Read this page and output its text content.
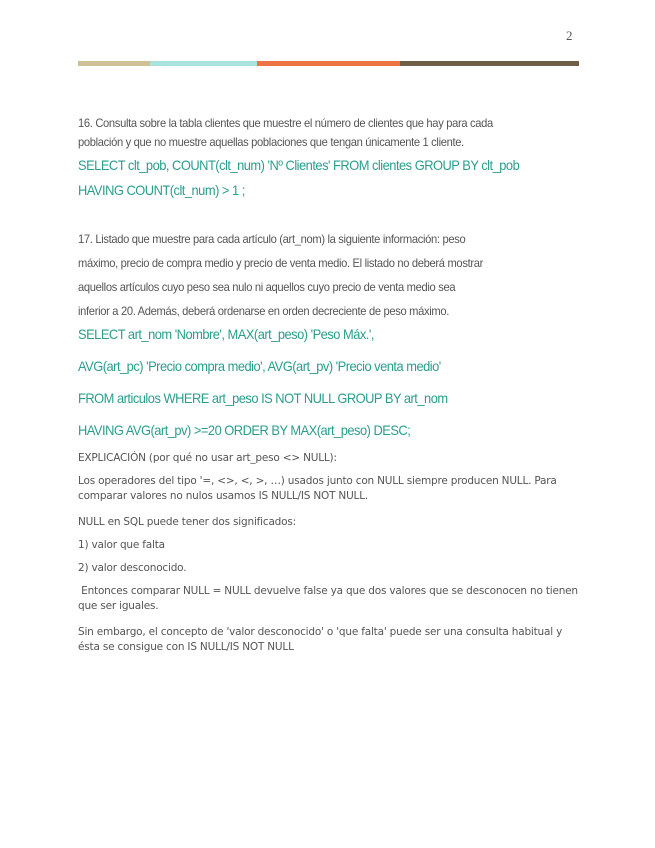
2
16. Consulta sobre la tabla clientes que muestre el número de clientes que hay para cada
población y que no muestre aquellas poblaciones que tengan únicamente 1 cliente.
SELECT clt_pob, COUNT(clt_num) 'Nº Clientes' FROM clientes GROUP BY clt_pob
HAVING COUNT(clt_num) > 1 ;
17. Listado que muestre para cada artículo (art_nom) la siguiente información: peso
máximo, precio de compra medio y precio de venta medio. El listado no deberá mostrar
aquellos artículos cuyo peso sea nulo ni aquellos cuyo precio de venta medio sea
inferior a 20. Además, deberá ordenarse en orden decreciente de peso máximo.
SELECT art_nom 'Nombre', MAX(art_peso) 'Peso Máx.',
AVG(art_pc) 'Precio compra medio', AVG(art_pv) 'Precio venta medio'
FROM articulos WHERE art_peso IS NOT NULL GROUP BY art_nom
HAVING AVG(art_pv) >=20 ORDER BY MAX(art_peso) DESC;
EXPLICACIÓN (por qué no usar art_peso <> NULL):
Los operadores del tipo '=, <>, <, >, …) usados junto con NULL siempre producen NULL. Para comparar valores no nulos usamos IS NULL/IS NOT NULL.
NULL en SQL puede tener dos significados:
1) valor que falta
2) valor desconocido.
Entonces comparar NULL = NULL devuelve false ya que dos valores que se desconocen no tienen que ser iguales.
Sin embargo, el concepto de 'valor desconocido' o 'que falta' puede ser una consulta habitual y ésta se consigue con IS NULL/IS NOT NULL
